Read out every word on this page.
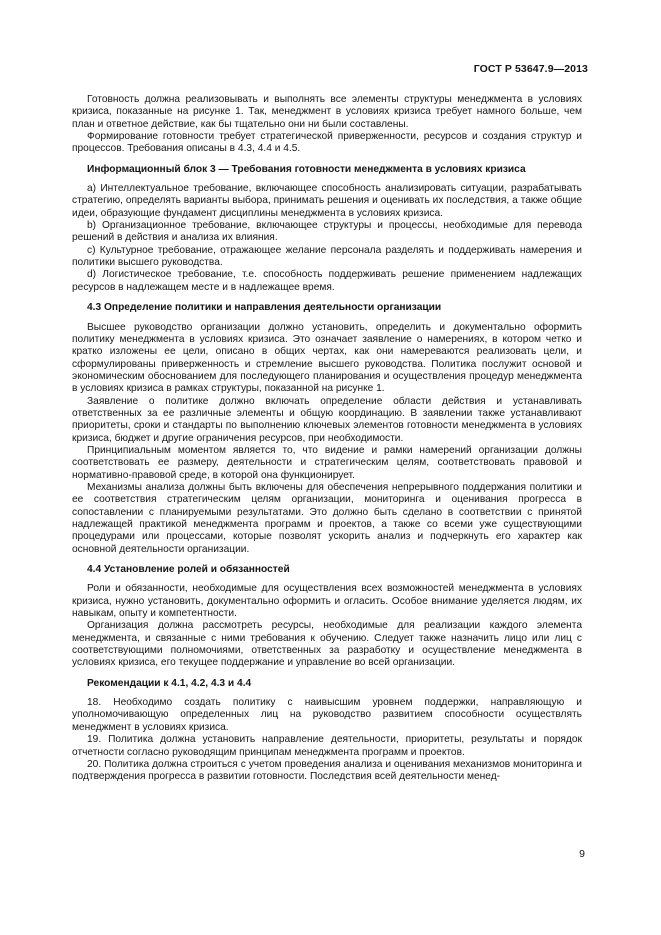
ГОСТ Р 53647.9—2013

Готовность должна реализовывать и выполнять все элементы структуры менеджмента в условиях кризиса, показанные на рисунке 1. Так, менеджмент в условиях кризиса требует намного больше, чем план и ответное действие, как бы тщательно они ни были составлены.

Формирование готовности требует стратегической приверженности, ресурсов и создания структур и процессов. Требования описаны в 4.3, 4.4 и 4.5.

Информационный блок 3 — Требования готовности менеджмента в условиях кризиса

а) Интеллектуальное требование, включающее способность анализировать ситуации, разрабатывать стратегию, определять варианты выбора, принимать решения и оценивать их последствия, а также общие идеи, образующие фундамент дисциплины менеджмента в условиях кризиса.

b) Организационное требование, включающее структуры и процессы, необходимые для перевода решений в действия и анализа их влияния.

c) Культурное требование, отражающее желание персонала разделять и поддерживать намерения и политики высшего руководства.

d) Логистическое требование, т.е. способность поддерживать решение применением надлежащих ресурсов в надлежащем месте и в надлежащее время.

4.3 Определение политики и направления деятельности организации

Высшее руководство организации должно установить, определить и документально оформить политику менеджмента в условиях кризиса. Это означает заявление о намерениях, в котором четко и кратко изложены ее цели, описано в общих чертах, как они намереваются реализовать цели, и сформулированы приверженность и стремление высшего руководства. Политика послужит основой и экономическим обоснованием для последующего планирования и осуществления процедур менеджмента в условиях кризиса в рамках структуры, показанной на рисунке 1.

Заявление о политике должно включать определение области действия и устанавливать ответственных за ее различные элементы и общую координацию. В заявлении также устанавливают приоритеты, сроки и стандарты по выполнению ключевых элементов готовности менеджмента в условиях кризиса, бюджет и другие ограничения ресурсов, при необходимости.

Принципиальным моментом является то, что видение и рамки намерений организации должны соответствовать ее размеру, деятельности и стратегическим целям, соответствовать правовой и нормативно-правовой среде, в которой она функционирует.

Механизмы анализа должны быть включены для обеспечения непрерывного поддержания политики и ее соответствия стратегическим целям организации, мониторинга и оценивания прогресса в сопоставлении с планируемыми результатами. Это должно быть сделано в соответствии с принятой надлежащей практикой менеджмента программ и проектов, а также со всеми уже существующими процедурами или процессами, которые позволят ускорить анализ и подчеркнуть его характер как основной деятельности организации.

4.4 Установление ролей и обязанностей

Роли и обязанности, необходимые для осуществления всех возможностей менеджмента в условиях кризиса, нужно установить, документально оформить и огласить. Особое внимание уделяется людям, их навыкам, опыту и компетентности.

Организация должна рассмотреть ресурсы, необходимые для реализации каждого элемента менеджмента, и связанные с ними требования к обучению. Следует также назначить лицо или лиц с соответствующими полномочиями, ответственных за разработку и осуществление менеджмента в условиях кризиса, его текущее поддержание и управление во всей организации.

Рекомендации к 4.1, 4.2, 4.3 и 4.4

18. Необходимо создать политику с наивысшим уровнем поддержки, направляющую и уполномочивающую определенных лиц на руководство развитием способности осуществлять менеджмент в условиях кризиса.

19. Политика должна установить направление деятельности, приоритеты, результаты и порядок отчетности согласно руководящим принципам менеджмента программ и проектов.

20. Политика должна строиться с учетом проведения анализа и оценивания механизмов мониторинга и подтверждения прогресса в развитии готовности. Последствия всей деятельности менед-

9
